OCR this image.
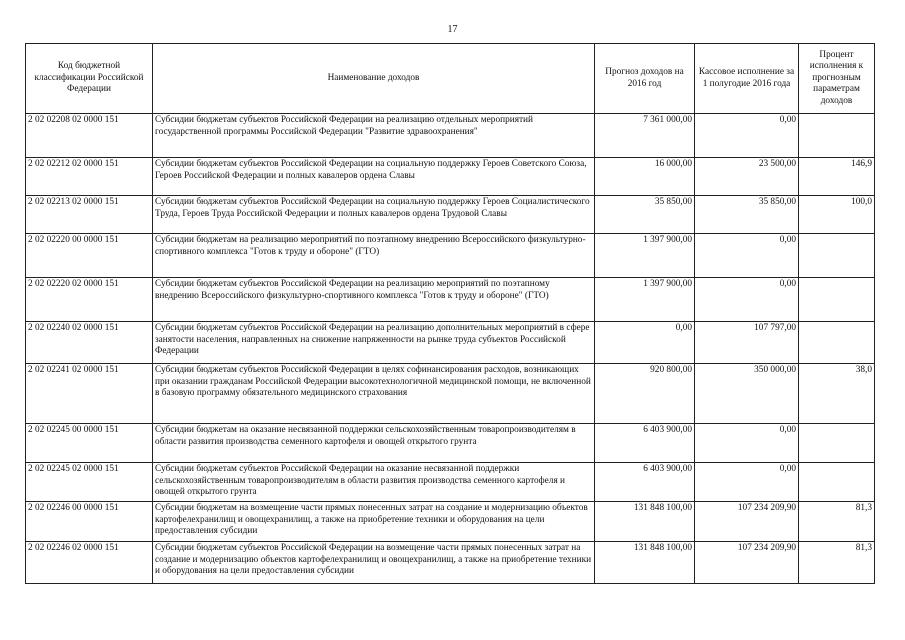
17
Код бюджетной классификации Российской Федерации	Наименование доходов	Прогноз доходов на 2016 год	Кассовое исполнение за 1 полугодие 2016 года	Процент исполнения к прогнозным параметрам доходов
2 02 02208 02 0000 151	Субсидии бюджетам субъектов Российской Федерации на реализацию отдельных мероприятий государственной программы Российской Федерации "Развитие здравоохранения"	7 361 000,00	0,00	
2 02 02212 02 0000 151	Субсидии бюджетам субъектов Российской Федерации на социальную поддержку Героев Советского Союза, Героев Российской Федерации и полных кавалеров ордена Славы	16 000,00	23 500,00	146,9
2 02 02213 02 0000 151	Субсидии бюджетам субъектов Российской Федерации на социальную поддержку Героев Социалистического Труда, Героев Труда Российской Федерации и полных кавалеров ордена Трудовой Славы	35 850,00	35 850,00	100,0
2 02 02220 00 0000 151	Субсидии бюджетам на реализацию мероприятий по поэтапному внедрению Всероссийского физкультурно-спортивного комплекса "Готов к труду и обороне" (ГТО)	1 397 900,00	0,00	
2 02 02220 02 0000 151	Субсидии бюджетам субъектов Российской Федерации на реализацию мероприятий по поэтапному внедрению Всероссийского физкультурно-спортивного комплекса "Готов к труду и обороне" (ГТО)	1 397 900,00	0,00	
2 02 02240 02 0000 151	Субсидии бюджетам субъектов Российской Федерации на реализацию дополнительных мероприятий в сфере занятости населения, направленных на снижение напряженности на рынке труда субъектов Российской Федерации	0,00	107 797,00	
2 02 02241 02 0000 151	Субсидии бюджетам субъектов Российской Федерации в целях софинансирования расходов, возникающих при оказании гражданам Российской Федерации высокотехнологичной медицинской помощи, не включенной в базовую программу обязательного медицинского страхования	920 800,00	350 000,00	38,0
2 02 02245 00 0000 151	Субсидии бюджетам на оказание несвязанной поддержки сельскохозяйственным товаропроизводителям в области развития производства семенного картофеля и овощей открытого грунта	6 403 900,00	0,00	
2 02 02245 02 0000 151	Субсидии бюджетам субъектов Российской Федерации на оказание несвязанной поддержки сельскохозяйственным товаропроизводителям в области развития производства семенного картофеля и овощей открытого грунта	6 403 900,00	0,00	
2 02 02246 00 0000 151	Субсидии бюджетам на возмещение части прямых понесенных затрат на создание и модернизацию объектов картофелехранилищ и овощехранилищ, а также на приобретение техники и оборудования на цели предоставления субсидии	131 848 100,00	107 234 209,90	81,3
2 02 02246 02 0000 151	Субсидии бюджетам субъектов Российской Федерации на возмещение части прямых понесенных затрат на создание и модернизацию объектов картофелехранилищ и овощехранилищ, а также на приобретение техники и оборудования на цели предоставления субсидии	131 848 100,00	107 234 209,90	81,3
